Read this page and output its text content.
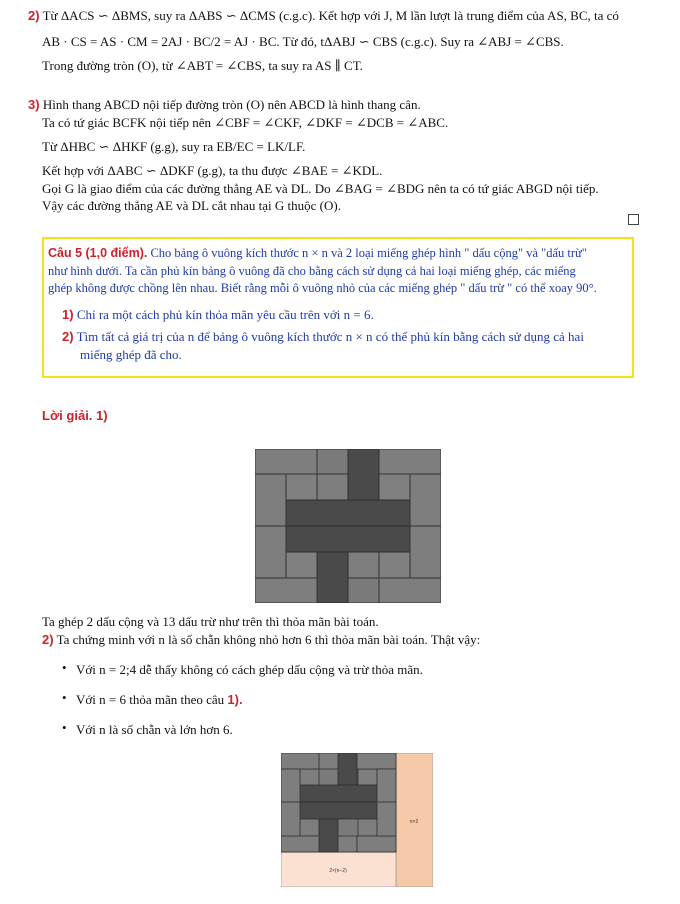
2) Từ ΔACS ∽ ΔBMS, suy ra ΔABS ∽ ΔCMS (c.g.c). Kết hợp với J, M lần lượt là trung điểm của AS, BC, ta có
AB · CS = AS · CM = 2AJ · BC/2 = AJ · BC. Từ đó, tΔABJ ∽ CBS (c.g.c). Suy ra ∠ABJ = ∠CBS.
Trong đường tròn (O), từ ∠ABT = ∠CBS, ta suy ra AS ∥ CT.
3) Hình thang ABCD nội tiếp đường tròn (O) nên ABCD là hình thang cân.
Ta có tứ giác BCFK nội tiếp nên ∠CBF = ∠CKF, ∠DKF = ∠DCB = ∠ABC.
Từ ΔHBC ∽ ΔHKF (g.g), suy ra EB/EC = LK/LF.
Kết hợp với ΔABC ∽ ΔDKF (g.g), ta thu được ∠BAE = ∠KDL.
Gọi G là giao điểm của các đường thẳng AE và DL. Do ∠BAG = ∠BDG nên ta có tứ giác ABGD nội tiếp.
Vậy các đường thẳng AE và DL cắt nhau tại G thuộc (O).
Câu 5 (1,0 điểm). Cho bảng ô vuông kích thước n × n và 2 loại miếng ghép hình " dấu cộng" và "dấu trừ"
như hình dưới. Ta cần phủ kín bảng ô vuông đã cho bằng cách sử dụng cả hai loại miếng ghép, các miếng
ghép không được chồng lên nhau. Biết rằng mỗi ô vuông nhỏ của các miếng ghép " dấu trừ " có thể xoay 90°.
1) Chỉ ra một cách phủ kín thỏa mãn yêu cầu trên với n = 6.
2) Tìm tất cả giá trị của n để bảng ô vuông kích thước n × n có thể phủ kín bằng cách sử dụng cả hai
miếng ghép đã cho.
Lời giải. 1)
Ta ghép 2 dấu cộng và 13 dấu trừ như trên thì thỏa mãn bài toán.
2) Ta chứng minh với n là số chẵn không nhỏ hơn 6 thì thỏa mãn bài toán. Thật vậy:
• Với n = 2;4 dễ thấy không có cách ghép dấu cộng và trừ thỏa mãn.
• Với n = 6 thỏa mãn theo câu 1).
• Với n là số chẵn và lớn hơn 6.
n×2
2×(n−2)
